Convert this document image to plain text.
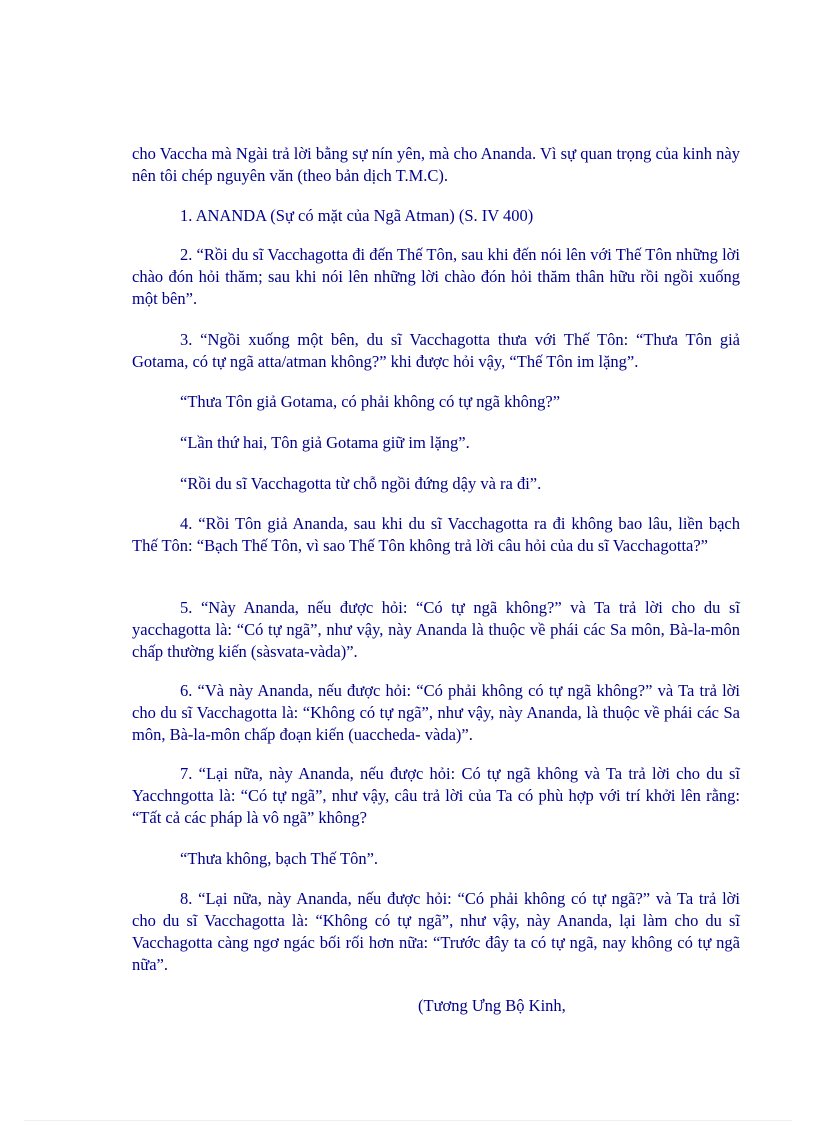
cho Vaccha mà Ngài trả lời bằng sự nín yên, mà cho Ananda. Vì sự quan trọng của kinh này nên tôi chép nguyên văn (theo bản dịch T.M.C).

1. ANANDA (Sự có mặt của Ngã Atman) (S. IV 400)

2. “Rồi du sĩ Vacchagotta đi đến Thế Tôn, sau khi đến nói lên với Thế Tôn những lời chào đón hỏi thăm; sau khi nói lên những lời chào đón hỏi thăm thân hữu rồi ngồi xuống một bên”.

3. “Ngồi xuống một bên, du sĩ Vacchagotta thưa với Thế Tôn: “Thưa Tôn giả Gotama, có tự ngã atta/atman không?” khi được hỏi vậy, “Thế Tôn im lặng”.

“Thưa Tôn giả Gotama, có phải không có tự ngã không?”

“Lần thứ hai, Tôn giả Gotama giữ im lặng”.

“Rồi du sĩ Vacchagotta từ chỗ ngồi đứng dậy và ra đi”.

4. “Rồi Tôn giả Ananda, sau khi du sĩ Vacchagotta ra đi không bao lâu, liền bạch Thế Tôn: “Bạch Thế Tôn, vì sao Thế Tôn không trả lời câu hỏi của du sĩ Vacchagotta?”

5. “Này Ananda, nếu được hỏi: “Có tự ngã không?” và Ta trả lời cho du sĩ yacchagotta là: “Có tự ngã”, như vậy, này Ananda là thuộc về phái các Sa môn, Bà-la-môn chấp thường kiến (sàsvata-vàda)”.

6. “Và này Ananda, nếu được hỏi: “Có phải không có tự ngã không?” và Ta trả lời cho du sĩ Vacchagotta là: “Không có tự ngã”, như vậy, này Ananda, là thuộc về phái các Sa môn, Bà-la-môn chấp đoạn kiến (uaccheda- vàda)”.

7. “Lại nữa, này Ananda, nếu được hỏi: Có tự ngã không và Ta trả lời cho du sĩ Yacchngotta là: “Có tự ngã”, như vậy, câu trả lời của Ta có phù hợp với trí khởi lên rằng: “Tất cả các pháp là vô ngã” không?

“Thưa không, bạch Thế Tôn”.

8. “Lại nữa, này Ananda, nếu được hỏi: “Có phải không có tự ngã?” và Ta trả lời cho du sĩ Vacchagotta là: “Không có tự ngã”, như vậy, này Ananda, lại làm cho du sĩ Vacchagotta càng ngơ ngác bối rối hơn nữa: “Trước đây ta có tự ngã, nay không có tự ngã nữa”.

(Tương Ưng Bộ Kinh,
